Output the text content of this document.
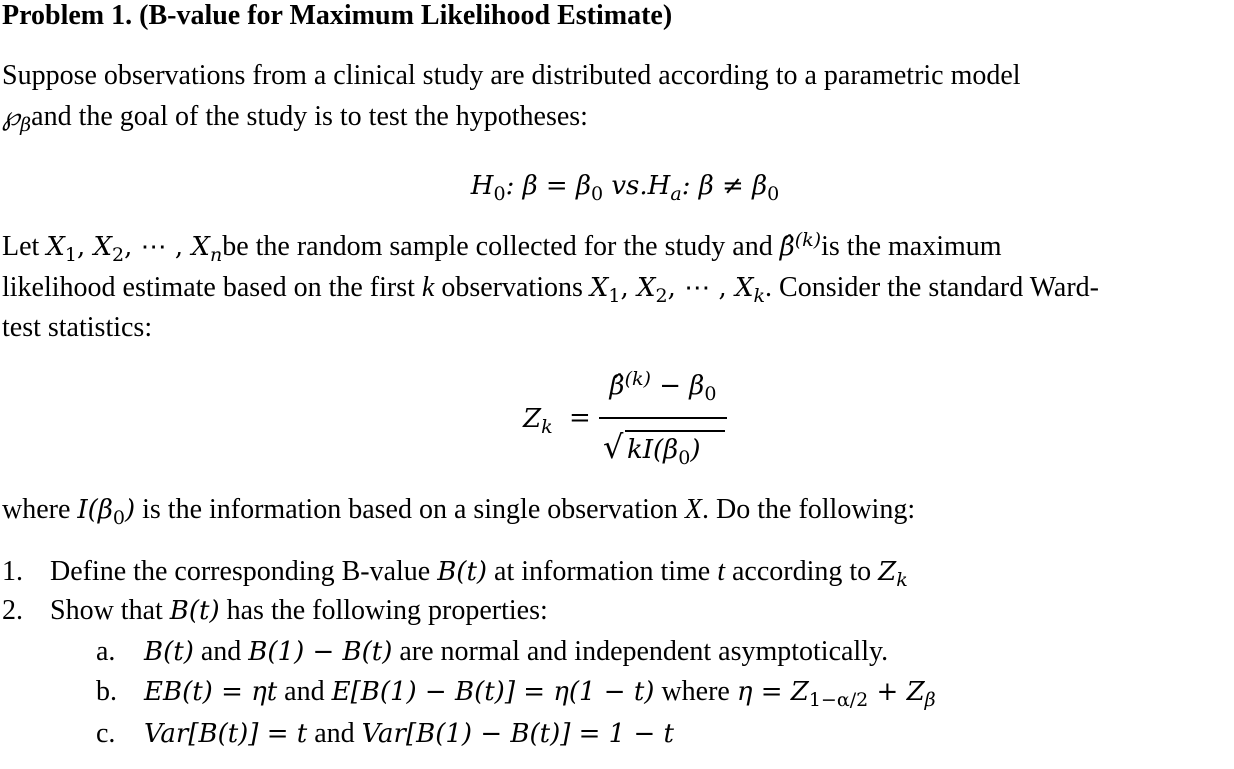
Problem 1. (B-value for Maximum Likelihood Estimate)
Suppose observations from a clinical study are distributed according to a parametric model
$℘_\beta and$ the goal of the study is to test the hypotheses:
$H_0$: $\beta = \beta_0$ $vs.H_a$: $\beta \ne \beta_0$
Let $X_1$, $X_2$, ⋯ , $X_nbe$ the random sample collected for the study and β̂$^{(k)}$is the maximum
likelihood estimate based on the first k observations $X_1$, $X_2$, ⋯ , $X_k$. Consider the standard Ward-
test statistics:
$Z_k$ =
β̂$^{(k)}$ − $\beta_0$
√ $kI(\beta_0)$
where $I(\beta_0)$ is the information based on a single observation X. Do the following:
1. Define the corresponding B-value B(t) at information time t according to $Z_k$
2. Show that B(t) has the following properties:
a. B(t) and B(1) − B(t) are normal and independent asymptotically.
b. EB(t) = ηt and E[B(1) − B(t)] = η(1 − t) where $\eta = Z_{1-\alpha/2} + Z_\beta$
c. Var[B(t)] = t and Var[B(1) − B(t)] = 1 − t
